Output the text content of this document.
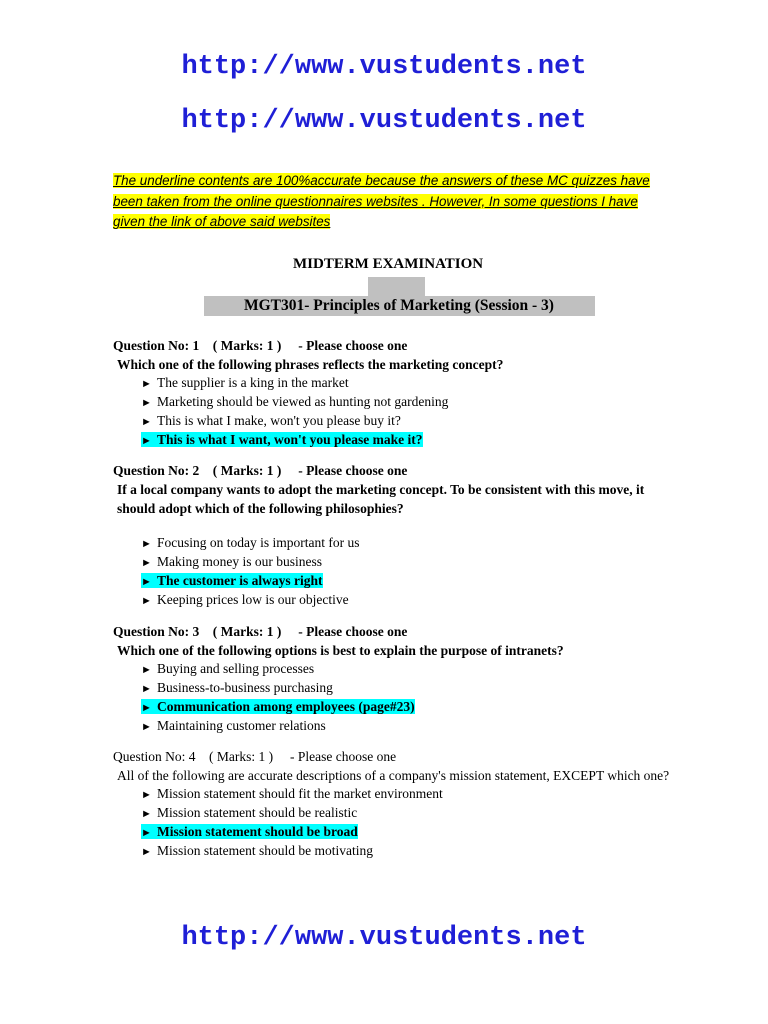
http://www.vustudents.net
http://www.vustudents.net
The underline contents are 100%accurate because the answers of these MC quizzes have been taken from the online questionnaires websites . However, In some questions I have given the link of above said websites
MIDTERM EXAMINATION
MGT301- Principles of Marketing (Session - 3)
Question No: 1    ( Marks: 1 )     - Please choose one
Which one of the following phrases reflects the marketing concept?
► The supplier is a king in the market
► Marketing should be viewed as hunting not gardening
► This is what I make, won't you please buy it?
► This is what I want, won't you please make it?
Question No: 2    ( Marks: 1 )     - Please choose one
If a local company wants to adopt the marketing concept. To be consistent with this move, it should adopt which of the following philosophies?
► Focusing on today is important for us
► Making money is our business
► The customer is always right
► Keeping prices low is our objective
Question No: 3    ( Marks: 1 )     - Please choose one
Which one of the following options is best to explain the purpose of intranets?
► Buying and selling processes
► Business-to-business purchasing
► Communication among employees (page#23)
► Maintaining customer relations
Question No: 4    ( Marks: 1 )     - Please choose one
All of the following are accurate descriptions of a company's mission statement, EXCEPT which one?
► Mission statement should fit the market environment
► Mission statement should be realistic
► Mission statement should be broad
► Mission statement should be motivating
http://www.vustudents.net
